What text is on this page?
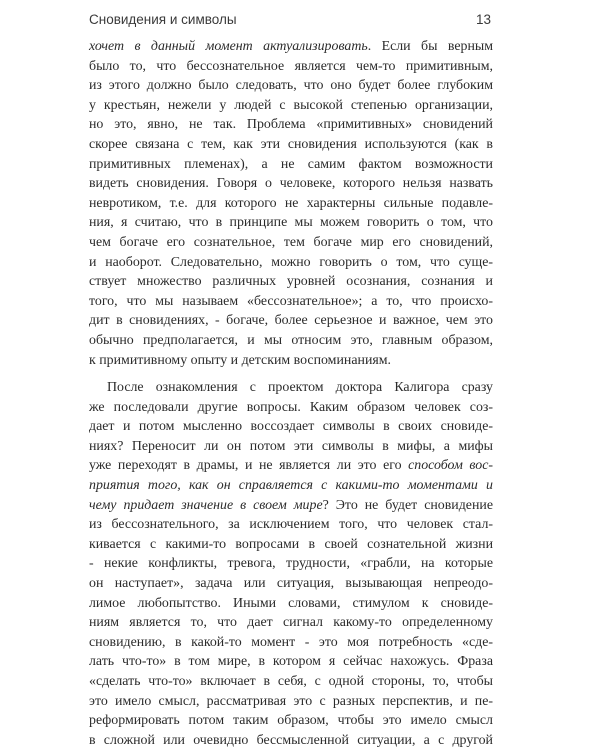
Сновидения и символы	13
хочет в данный момент актуализировать. Если бы верным
было то, что бессознательное является чем-то примитивным,
из этого должно было следовать, что оно будет более глубоким
у крестьян, нежели у людей с высокой степенью организации,
но это, явно, не так. Проблема «примитивных» сновидений
скорее связана с тем, как эти сновидения используются (как в
примитивных племенах), а не самим фактом возможности
видеть сновидения. Говоря о человеке, которого нельзя назвать
невротиком, т.е. для которого не характерны сильные подавле-
ния, я считаю, что в принципе мы можем говорить о том, что
чем богаче его сознательное, тем богаче мир его сновидений,
и наоборот. Следовательно, можно говорить о том, что суще-
ствует множество различных уровней осознания, сознания и
того, что мы называем «бессознательное»; а то, что происхо-
дит в сновидениях, - богаче, более серьезное и важное, чем это
обычно предполагается, и мы относим это, главным образом,
к примитивному опыту и детским воспоминаниям.
После ознакомления с проектом доктора Калигора сразу
же последовали другие вопросы. Каким образом человек соз-
дает и потом мысленно воссоздает символы в своих сновиде-
ниях? Переносит ли он потом эти символы в мифы, а мифы
уже переходят в драмы, и не является ли это его способом вос-
приятия того, как он справляется с какими-то моментами и
чему придает значение в своем мире? Это не будет сновидение
из бессознательного, за исключением того, что человек стал-
кивается с какими-то вопросами в своей сознательной жизни
- некие конфликты, тревога, трудности, «грабли, на которые
он наступает», задача или ситуация, вызывающая непреодо-
лимое любопытство. Иными словами, стимулом к сновиде-
ниям является то, что дает сигнал какому-то определенному
сновидению, в какой-то момент - это моя потребность «сде-
лать что-то» в том мире, в котором я сейчас нахожусь. Фраза
«сделать что-то» включает в себя, с одной стороны, то, чтобы
это имело смысл, рассматривая это с разных перспектив, и пе-
реформировать потом таким образом, чтобы это имело смысл
в сложной или очевидно бессмысленной ситуации, а с другой
